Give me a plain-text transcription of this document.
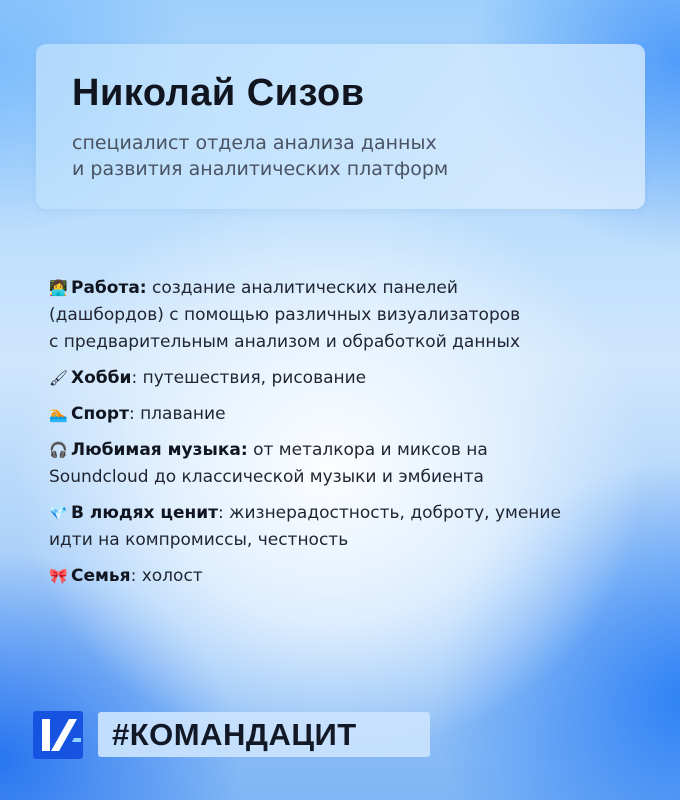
Николай Сизов
специалист отдела анализа данных
и развития аналитических платформ
👩‍💻 Работа: создание аналитических панелей
(дашбордов) с помощью различных визуализаторов
с предварительным анализом и обработкой данных
🖌 Хобби: путешествия, рисование
🏊 Спорт: плавание
🎧 Любимая музыка: от металкора и миксов на
Soundcloud до классической музыки и эмбиента
💎 В людях ценит: жизнерадостность, доброту, умение
идти на компромиссы, честность
🎀 Семья: холост
#КОМАНДАЦИТ
